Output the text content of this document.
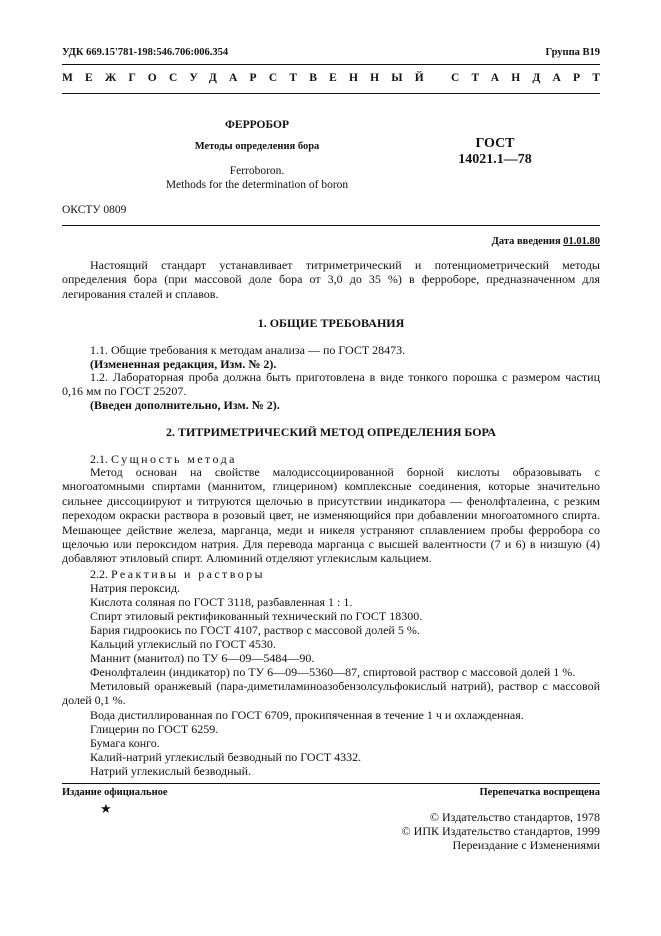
УДК 669.15'781-198:546.706:006.354	Группа В19
МЕЖГОСУДАРСТВЕННЫЙ СТАНДАРТ
ФЕРРОБОР
Методы определения бора
Ferroboron.
Methods for the determination of boron
ГОСТ
14021.1—78
ОКСТУ 0809
Дата введения 01.01.80
Настоящий стандарт устанавливает титриметрический и потенциометрический методы определения бора (при массовой доле бора от 3,0 до 35 %) в ферроборе, предназначенном для легирования сталей и сплавов.
1. ОБЩИЕ ТРЕБОВАНИЯ
1.1. Общие требования к методам анализа — по ГОСТ 28473.
(Измененная редакция, Изм. № 2).
1.2. Лабораторная проба должна быть приготовлена в виде тонкого порошка с размером частиц 0,16 мм по ГОСТ 25207.
(Введен дополнительно, Изм. № 2).
2. ТИТРИМЕТРИЧЕСКИЙ МЕТОД ОПРЕДЕЛЕНИЯ БОРА
2.1. Сущность метода
Метод основан на свойстве малодиссоциированной борной кислоты образовывать с многоатомными спиртами (маннитом, глицерином) комплексные соединения, которые значительно сильнее диссоциируют и титруются щелочью в присутствии индикатора — фенолфталеина, с резким переходом окраски раствора в розовый цвет, не изменяющийся при добавлении многоатомного спирта. Мешающее действие железа, марганца, меди и никеля устраняют сплавлением пробы ферробора со щелочью или пероксидом натрия. Для перевода марганца с высшей валентности (7 и 6) в низшую (4) добавляют этиловый спирт. Алюминий отделяют углекислым кальцием.
2.2. Реактивы и растворы
Натрия пероксид.
Кислота соляная по ГОСТ 3118, разбавленная 1 : 1.
Спирт этиловый ректификованный технический по ГОСТ 18300.
Бария гидроокись по ГОСТ 4107, раствор с массовой долей 5 %.
Кальций углекислый по ГОСТ 4530.
Маннит (манитол) по ТУ 6—09—5484—90.
Фенолфталеин (индикатор) по ТУ 6—09—5360—87, спиртовой раствор с массовой долей 1 %.
Метиловый оранжевый (пара-диметиламиноазобензолсульфокислый натрий), раствор с массовой долей 0,1 %.
Вода дистиллированная по ГОСТ 6709, прокипяченная в течение 1 ч и охлажденная.
Глицерин по ГОСТ 6259.
Бумага конго.
Калий-натрий углекислый безводный по ГОСТ 4332.
Натрий углекислый безводный.
Издание официальное	Перепечатка воспрещена
★
© Издательство стандартов, 1978
© ИПК Издательство стандартов, 1999
Переиздание с Изменениями
